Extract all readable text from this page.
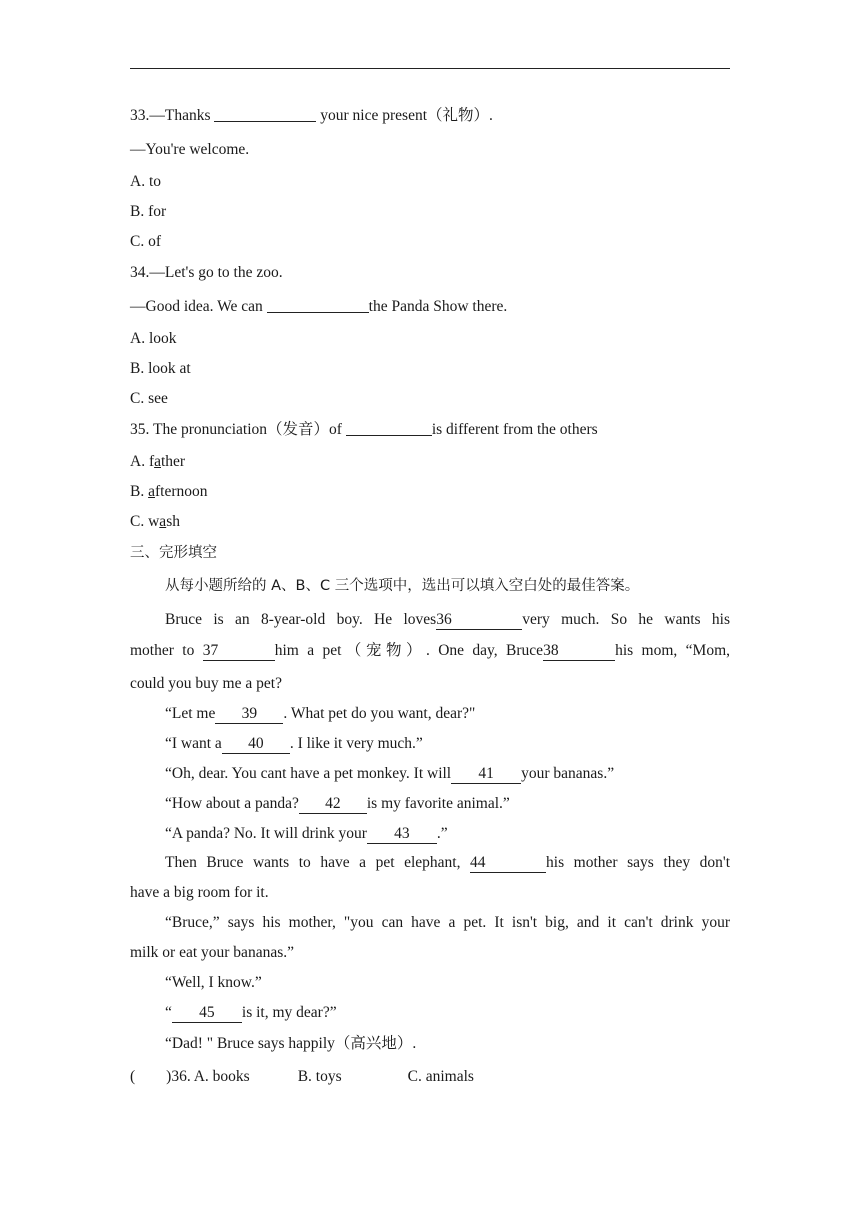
33.—Thanks	your nice present（礼物）.
—You're welcome.
A. to
B. for
C. of
34.—Let's go to the zoo.
—Good idea. We can	the Panda Show there.
A. look
B. look at
C. see
35. The pronunciation（发音）of	is different from the others
A. father
B. afternoon
C. wash
三、完形填空
从每小题所给的 A、B、C 三个选项中，选出可以填入空白处的最佳答案。
Bruce is an 8-year-old boy. He loves36	very much. So he wants his
mother to 37	him a pet（宠物）. One day, Bruce38	his mom, “Mom,
could you buy me a pet?
“Let me 39 . What pet do you want, dear?"
“I want a 40 . I like it very much.”
“Oh, dear. You cant have a pet monkey. It will 41 your bananas.”
“How about a panda? 42 is my favorite animal.”
“A panda? No. It will drink your 43 .”
Then Bruce wants to have a pet elephant, 44	his mother says they don't
have a big room for it.
“Bruce,” says his mother, "you can have a pet. It isn't big, and it can't drink your
milk or eat your bananas.”
“Well, I know.”
“ 45 is it, my dear?”
“Dad! " Bruce says happily（高兴地）.
(        )36. A. books	B. toys	C. animals
